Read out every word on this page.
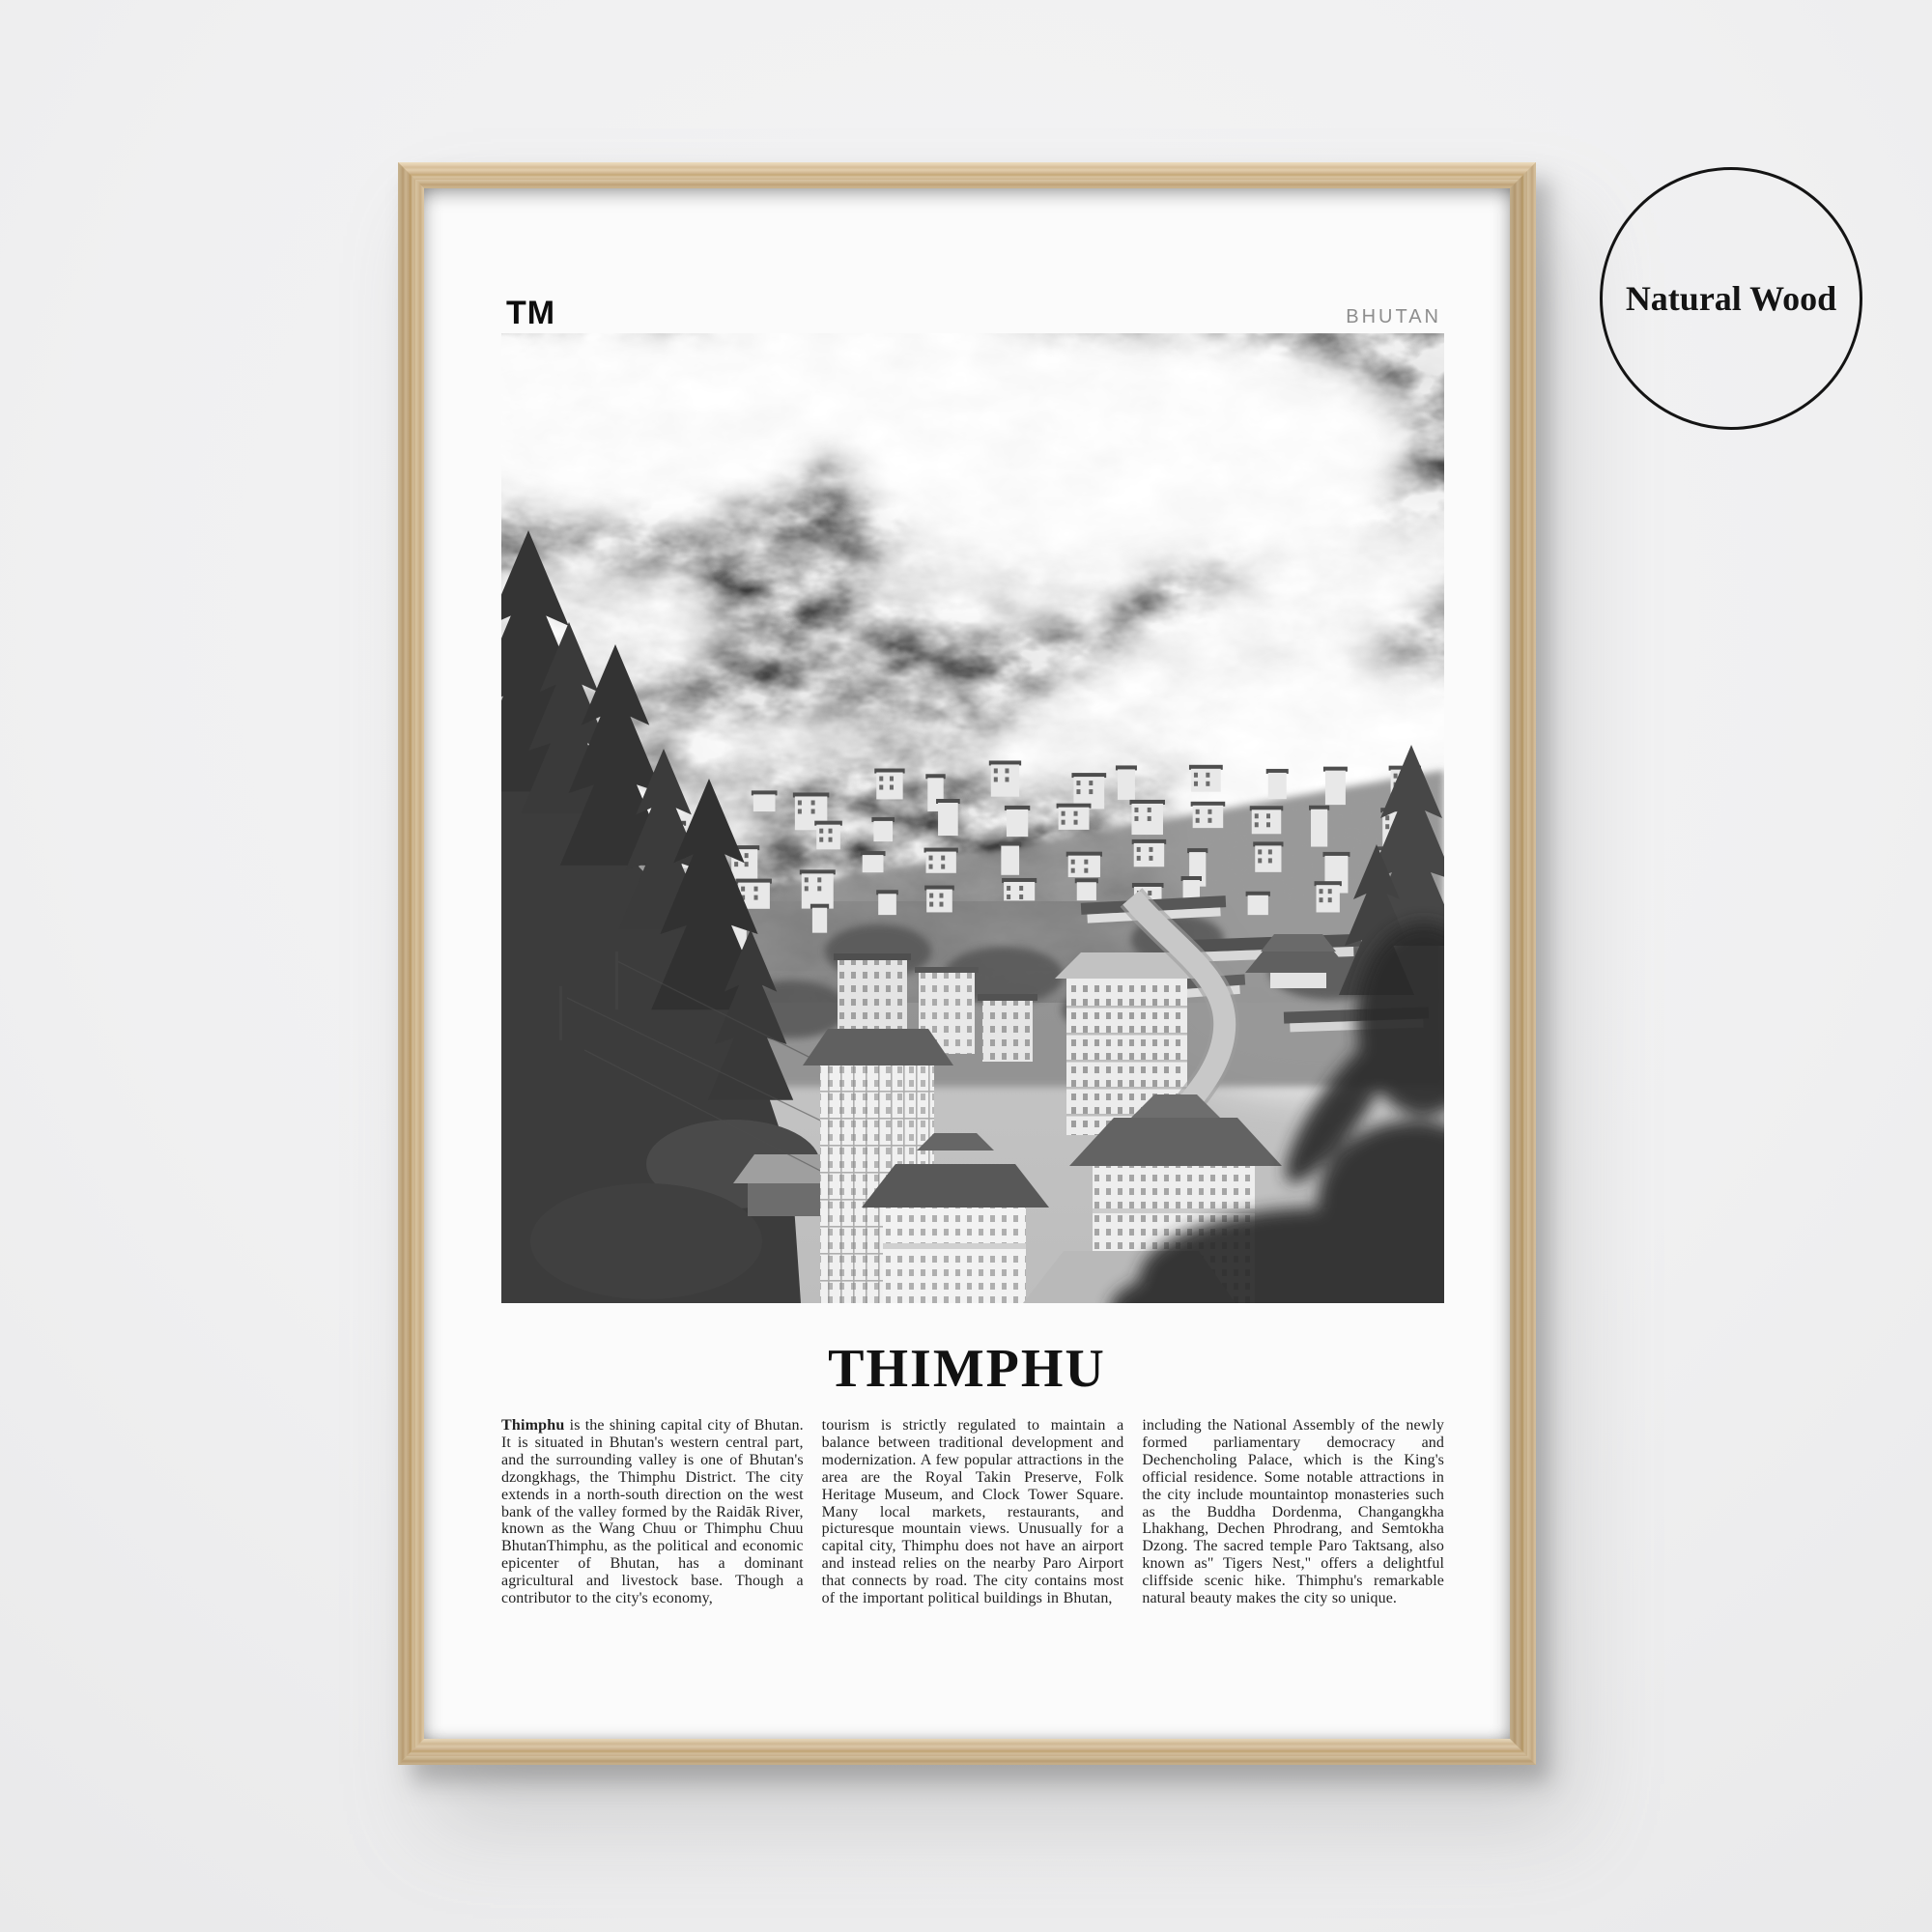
TM	BHUTAN
THIMPHU

Thimphu is the shining capital city of Bhutan. It is situated in Bhutan's western central part, and the surrounding valley is one of Bhutan's dzongkhags, the Thimphu District. The city extends in a north-south direction on the west bank of the valley formed by the Raidāk River, known as the Wang Chuu or Thimphu Chuu BhutanThimphu, as the political and economic epicenter of Bhutan, has a dominant agricultural and livestock base. Though a contributor to the city's economy,

tourism is strictly regulated to maintain a balance between traditional development and modernization. A few popular attractions in the area are the Royal Takin Preserve, Folk Heritage Museum, and Clock Tower Square. Many local markets, restaurants, and picturesque mountain views. Unusually for a capital city, Thimphu does not have an airport and instead relies on the nearby Paro Airport that connects by road. The city contains most of the important political buildings in Bhutan,

including the National Assembly of the newly formed parliamentary democracy and Dechencholing Palace, which is the King's official residence. Some notable attractions in the city include mountaintop monasteries such as the Buddha Dordenma, Changangkha Lhakhang, Dechen Phrodrang, and Semtokha Dzong. The sacred temple Paro Taktsang, also known as" Tigers Nest," offers a delightful cliffside scenic hike. Thimphu's remarkable natural beauty makes the city so unique.

Natural Wood
